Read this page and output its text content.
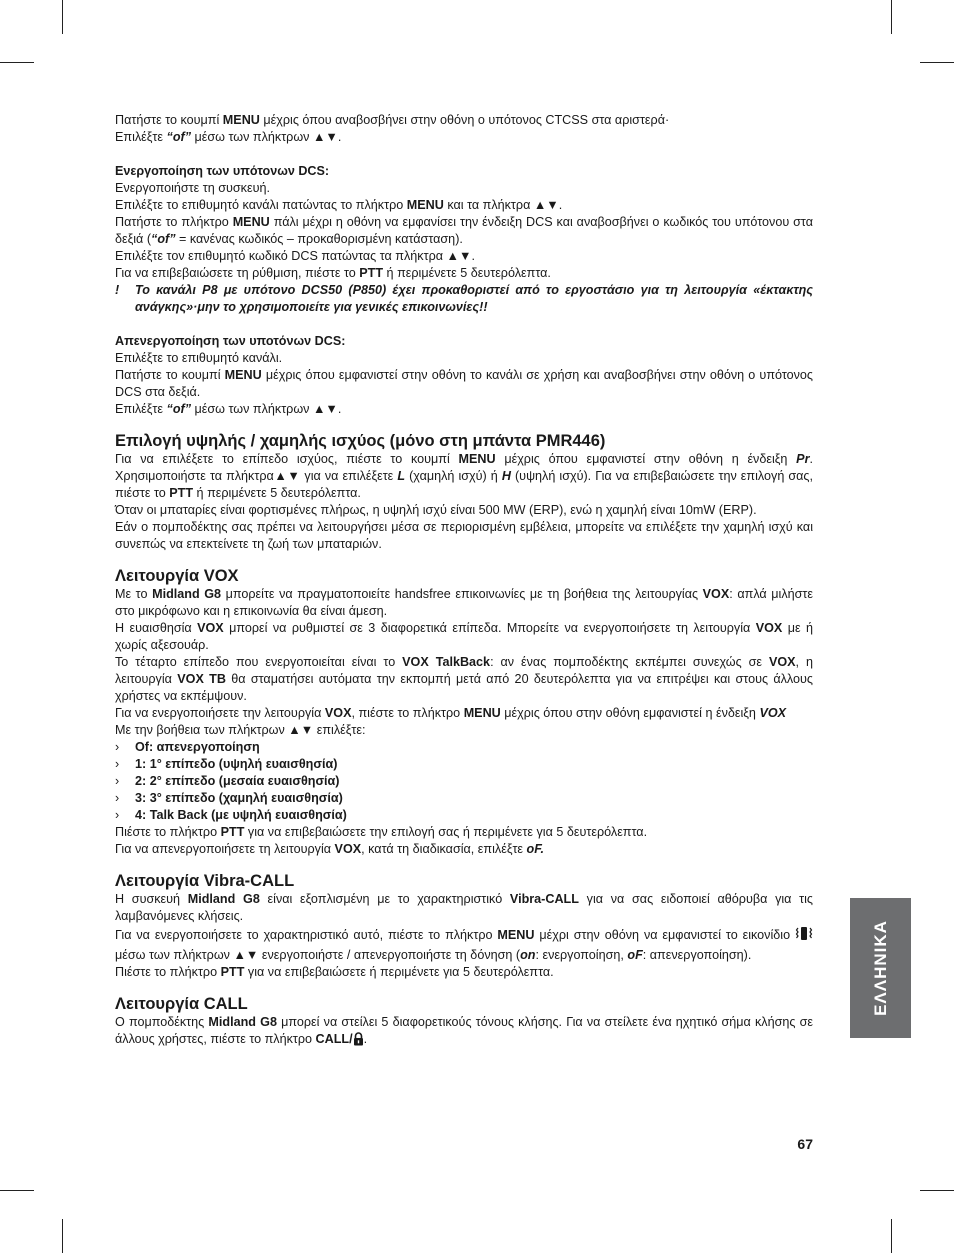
Πατήστε το κουμπί MENU μέχρις όπου αναβοσβήνει στην οθόνη ο υπότονος CTCSS στα αριστερά·

Επιλέξτε “of” μέσω των πλήκτρων ▲▼.

Ενεργοποίηση των υπότονων DCS:

Ενεργοποιήστε τη συσκευή.

Επιλέξτε το επιθυμητό κανάλι πατώντας το πλήκτρο MENU και τα πλήκτρα ▲▼.

Πατήστε το πλήκτρο MENU πάλι μέχρι η οθόνη να εμφανίσει την ένδειξη DCS και αναβοσβήνει ο κωδικός του υπότονου στα δεξιά (“of” = κανένας κωδικός – προκαθορισμένη κατάσταση).

Επιλέξτε τον επιθυμητό κωδικό DCS πατώντας τα πλήκτρα ▲▼.

Για να επιβεβαιώσετε τη ρύθμιση, πιέστε το PTT ή περιμένετε 5 δευτερόλεπτα.

!	Το κανάλι P8 με υπότονο DCS50 (P850) έχει προκαθοριστεί από το εργοστάσιο για τη λειτουργία «έκτακτης ανάγκης»·μην το χρησιμοποιείτε για γενικές επικοινωνίες!!

Απενεργοποίηση των υποτόνων DCS:

Επιλέξτε το επιθυμητό κανάλι.

Πατήστε το κουμπί MENU μέχρις όπου εμφανιστεί στην οθόνη το κανάλι σε χρήση και αναβοσβήνει στην οθόνη ο υπότονος DCS στα δεξιά.

Επιλέξτε “of” μέσω των πλήκτρων ▲▼.

Επιλογή υψηλής / χαμηλής ισχύος (μόνο στη μπάντα PMR446)

Για να επιλέξετε το επίπεδο ισχύος, πιέστε το κουμπί MENU μέχρις όπου εμφανιστεί στην οθόνη η ένδειξη Pr. Χρησιμοποιήστε τα πλήκτρα▲▼ για να επιλέξετε L (χαμηλή ισχύ) ή H (υψηλή ισχύ). Για να επιβεβαιώσετε την επιλογή σας, πιέστε το PTT ή περιμένετε 5 δευτερόλεπτα.

Όταν οι μπαταρίες είναι φορτισμένες πλήρως, η υψηλή ισχύ είναι 500 MW (ERP), ενώ η χαμηλή είναι 10mW (ERP).

Εάν ο πομποδέκτης σας πρέπει να λειτουργήσει μέσα σε περιορισμένη εμβέλεια, μπορείτε να επιλέξετε την χαμηλή ισχύ και συνεπώς να επεκτείνετε τη ζωή των μπαταριών.

Λειτουργία VOX

Με το Midland G8 μπορείτε να πραγματοποιείτε handsfree επικοινωνίες με τη βοήθεια της λειτουργίας VOX: απλά μιλήστε στο μικρόφωνο και η επικοινωνία θα είναι άμεση.

Η ευαισθησία VOX μπορεί να ρυθμιστεί σε 3 διαφορετικά επίπεδα. Μπορείτε να ενεργοποιήσετε τη λειτουργία VOX με ή χωρίς αξεσουάρ.

Το τέταρτο επίπεδο που ενεργοποιείται είναι το VOX TalkBack: αν ένας πομποδέκτης εκπέμπει συνεχώς σε VOX, η λειτουργία VOX TB θα σταματήσει αυτόματα την εκπομπή μετά από 20 δευτερόλεπτα για να επιτρέψει και στους άλλους χρήστες να εκπέμψουν.

Για να ενεργοποιήσετε την λειτουργία VOX, πιέστε το πλήκτρο MENU μέχρις όπου στην οθόνη εμφανιστεί η ένδειξη VOX

Με την βοήθεια των πλήκτρων ▲▼ επιλέξτε:

›	Of: απενεργοποίηση
›	1: 1° επίπεδο (υψηλή ευαισθησία)
›	2: 2° επίπεδο (μεσαία ευαισθησία)
›	3: 3° επίπεδο (χαμηλή ευαισθησία)
›	4: Talk Back (με υψηλή ευαισθησία)

Πιέστε το πλήκτρο PTT για να επιβεβαιώσετε την επιλογή σας ή περιμένετε για 5 δευτερόλεπτα.

Για να απενεργοποιήσετε τη λειτουργία VOX, κατά τη διαδικασία, επιλέξτε oF.

Λειτουργία Vibra-CALL

Η συσκευή Midland G8 είναι εξοπλισμένη με το χαρακτηριστικό Vibra-CALL για να σας ειδοποιεί αθόρυβα για τις λαμβανόμενες κλήσεις.

Για να ενεργοποιήσετε το χαρακτηριστικό αυτό, πιέστε το πλήκτρο MENU μέχρι στην οθόνη να εμφανιστεί το εικονίδιο  μέσω των πλήκτρων ▲▼ ενεργοποιήστε / απενεργοποιήστε τη δόνηση (on: ενεργοποίηση, oF: απενεργοποίηση).

Πιέστε το πλήκτρο PTT για να επιβεβαιώσετε ή περιμένετε για 5 δευτερόλεπτα.

Λειτουργία CALL

Ο πομποδέκτης Midland G8 μπορεί να στείλει 5 διαφορετικούς τόνους κλήσης. Για να στείλετε ένα ηχητικό σήμα κλήσης σε άλλους χρήστες, πιέστε το πλήκτρο CALL/ .

ΕΛΛΗΝΙΚΑ
67
